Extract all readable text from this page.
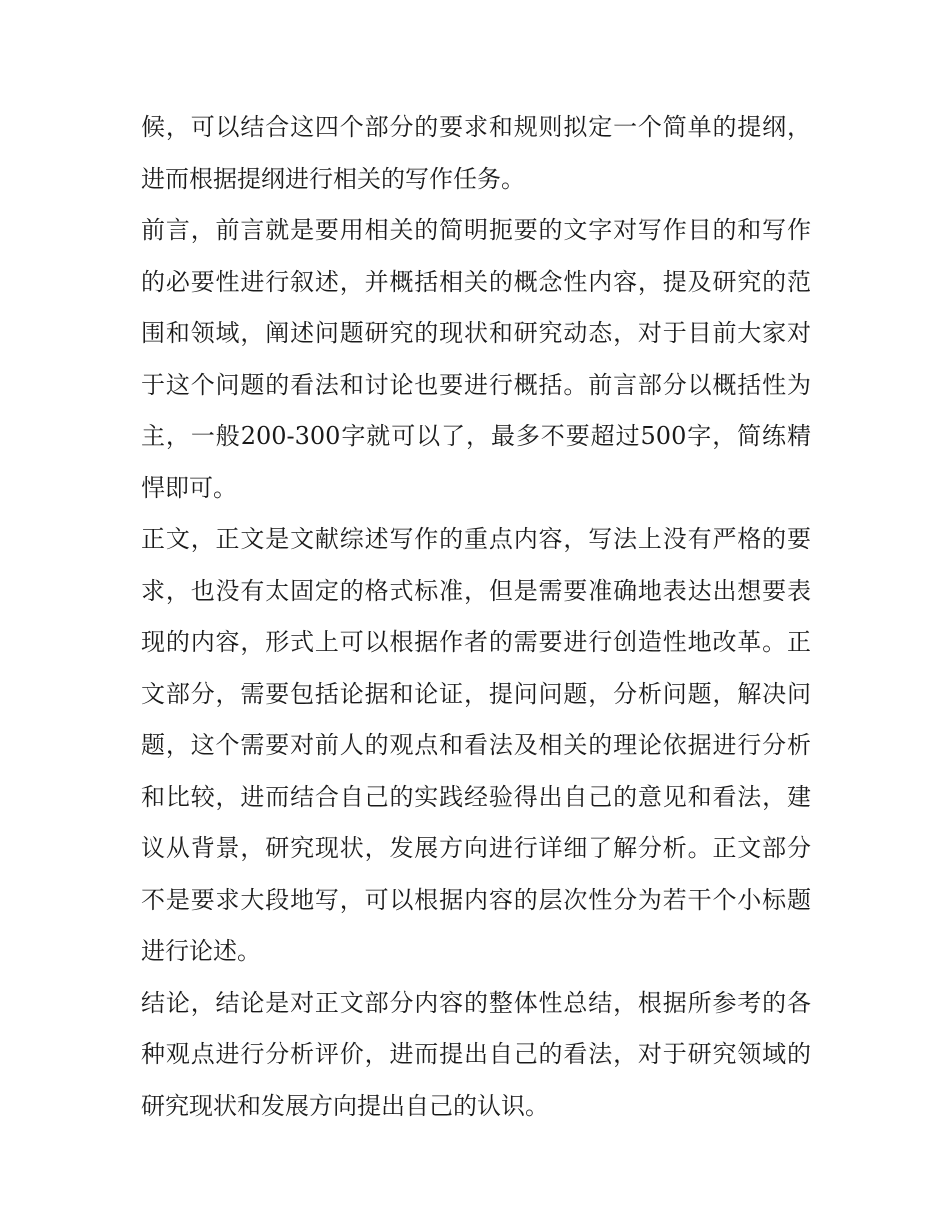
候，可以结合这四个部分的要求和规则拟定一个简单的提纲，进而根据提纲进行相关的写作任务。

前言，前言就是要用相关的简明扼要的文字对写作目的和写作的必要性进行叙述，并概括相关的概念性内容，提及研究的范围和领域，阐述问题研究的现状和研究动态，对于目前大家对于这个问题的看法和讨论也要进行概括。前言部分以概括性为主，一般200-300字就可以了，最多不要超过500字，简练精悍即可。

正文，正文是文献综述写作的重点内容，写法上没有严格的要求，也没有太固定的格式标准，但是需要准确地表达出想要表现的内容，形式上可以根据作者的需要进行创造性地改革。正文部分，需要包括论据和论证，提问问题，分析问题，解决问题，这个需要对前人的观点和看法及相关的理论依据进行分析和比较，进而结合自己的实践经验得出自己的意见和看法，建议从背景，研究现状，发展方向进行详细了解分析。正文部分不是要求大段地写，可以根据内容的层次性分为若干个小标题进行论述。

结论，结论是对正文部分内容的整体性总结，根据所参考的各种观点进行分析评价，进而提出自己的看法，对于研究领域的研究现状和发展方向提出自己的认识。
